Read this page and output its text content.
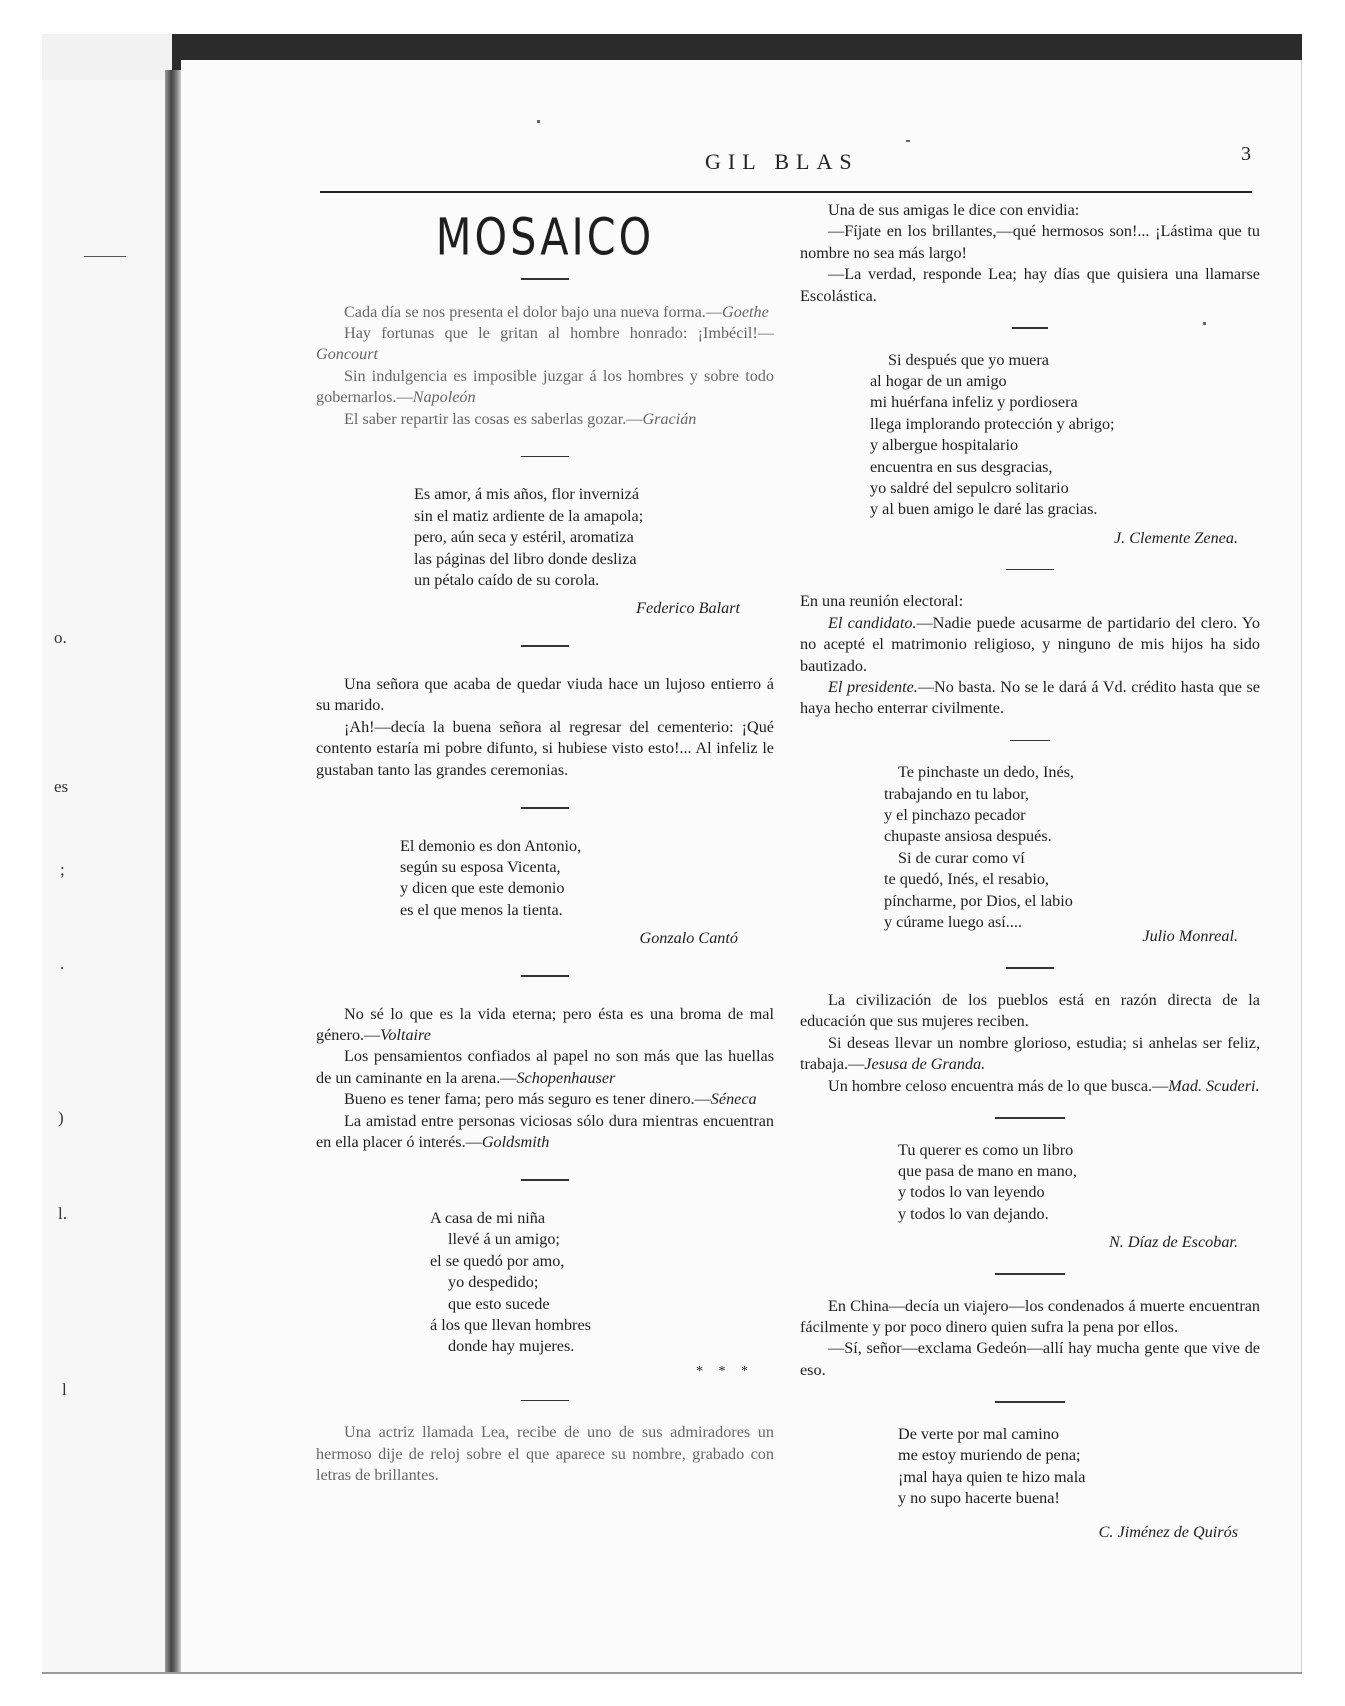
o.
es
;
.
)
l.
l
GIL BLAS	3
MOSAICO

Cada día se nos presenta el dolor bajo una nueva forma.—Goethe

Hay fortunas que le gritan al hombre honrado: ¡Imbécil!—Goncourt

Sin indulgencia es imposible juzgar á los hombres y sobre todo gobernarlos.—Napoleón

El saber repartir las cosas es saberlas gozar.—Gracián

Es amor, á mis años, flor invernizá
sin el matiz ardiente de la amapola;
pero, aún seca y estéril, aromatiza
las páginas del libro donde desliza
un pétalo caído de su corola.
Federico Balart

Una señora que acaba de quedar viuda hace un lujoso entierro á su marido.

¡Ah!—decía la buena señora al regresar del cementerio: ¡Qué contento estaría mi pobre difunto, si hubiese visto esto!... Al infeliz le gustaban tanto las grandes ceremonias.

El demonio es don Antonio,
según su esposa Vicenta,
y dicen que este demonio
es el que menos la tienta.
Gonzalo Cantó

No sé lo que es la vida eterna; pero ésta es una broma de mal género.—Voltaire

Los pensamientos confiados al papel no son más que las huellas de un caminante en la arena.—Schopenhauser

Bueno es tener fama; pero más seguro es tener dinero.—Séneca

La amistad entre personas viciosas sólo dura mientras encuentran en ella placer ó interés.—Goldsmith

A casa de mi niña
llevé á un amigo;
el se quedó por amo,
yo despedido;
que esto sucede
á los que llevan hombres
donde hay mujeres.
* * *

Una actriz llamada Lea, recibe de uno de sus admiradores un hermoso dije de reloj sobre el que aparece su nombre, grabado con letras de brillantes.

Una de sus amigas le dice con envidia:

—Fíjate en los brillantes,—qué hermosos son!... ¡Lástima que tu nombre no sea más largo!

—La verdad, responde Lea; hay días que quisiera una llamarse Escolástica.

Si después que yo muera
al hogar de un amigo
mi huérfana infeliz y pordiosera
llega implorando protección y abrigo;
y albergue hospitalario
encuentra en sus desgracias,
yo saldré del sepulcro solitario
y al buen amigo le daré las gracias.
J. Clemente Zenea.

En una reunión electoral:

El candidato.—Nadie puede acusarme de partidario del clero. Yo no acepté el matrimonio religioso, y ninguno de mis hijos ha sido bautizado.

El presidente.—No basta. No se le dará á Vd. crédito hasta que se haya hecho enterrar civilmente.

Te pinchaste un dedo, Inés,
trabajando en tu labor,
y el pinchazo pecador
chupaste ansiosa después.
Si de curar como ví
te quedó, Inés, el resabio,
píncharme, por Dios, el labio
y cúrame luego así....
Julio Monreal.

La civilización de los pueblos está en razón directa de la educación que sus mujeres reciben.

Si deseas llevar un nombre glorioso, estudia; si anhelas ser feliz, trabaja.—Jesusa de Granda.

Un hombre celoso encuentra más de lo que busca.—Mad. Scuderi.

Tu querer es como un libro
que pasa de mano en mano,
y todos lo van leyendo
y todos lo van dejando.
N. Díaz de Escobar.

En China—decía un viajero—los condenados á muerte encuentran fácilmente y por poco dinero quien sufra la pena por ellos.

—Sí, señor—exclama Gedeón—allí hay mucha gente que vive de eso.

De verte por mal camino
me estoy muriendo de pena;
¡mal haya quien te hizo mala
y no supo hacerte buena!
C. Jiménez de Quirós
